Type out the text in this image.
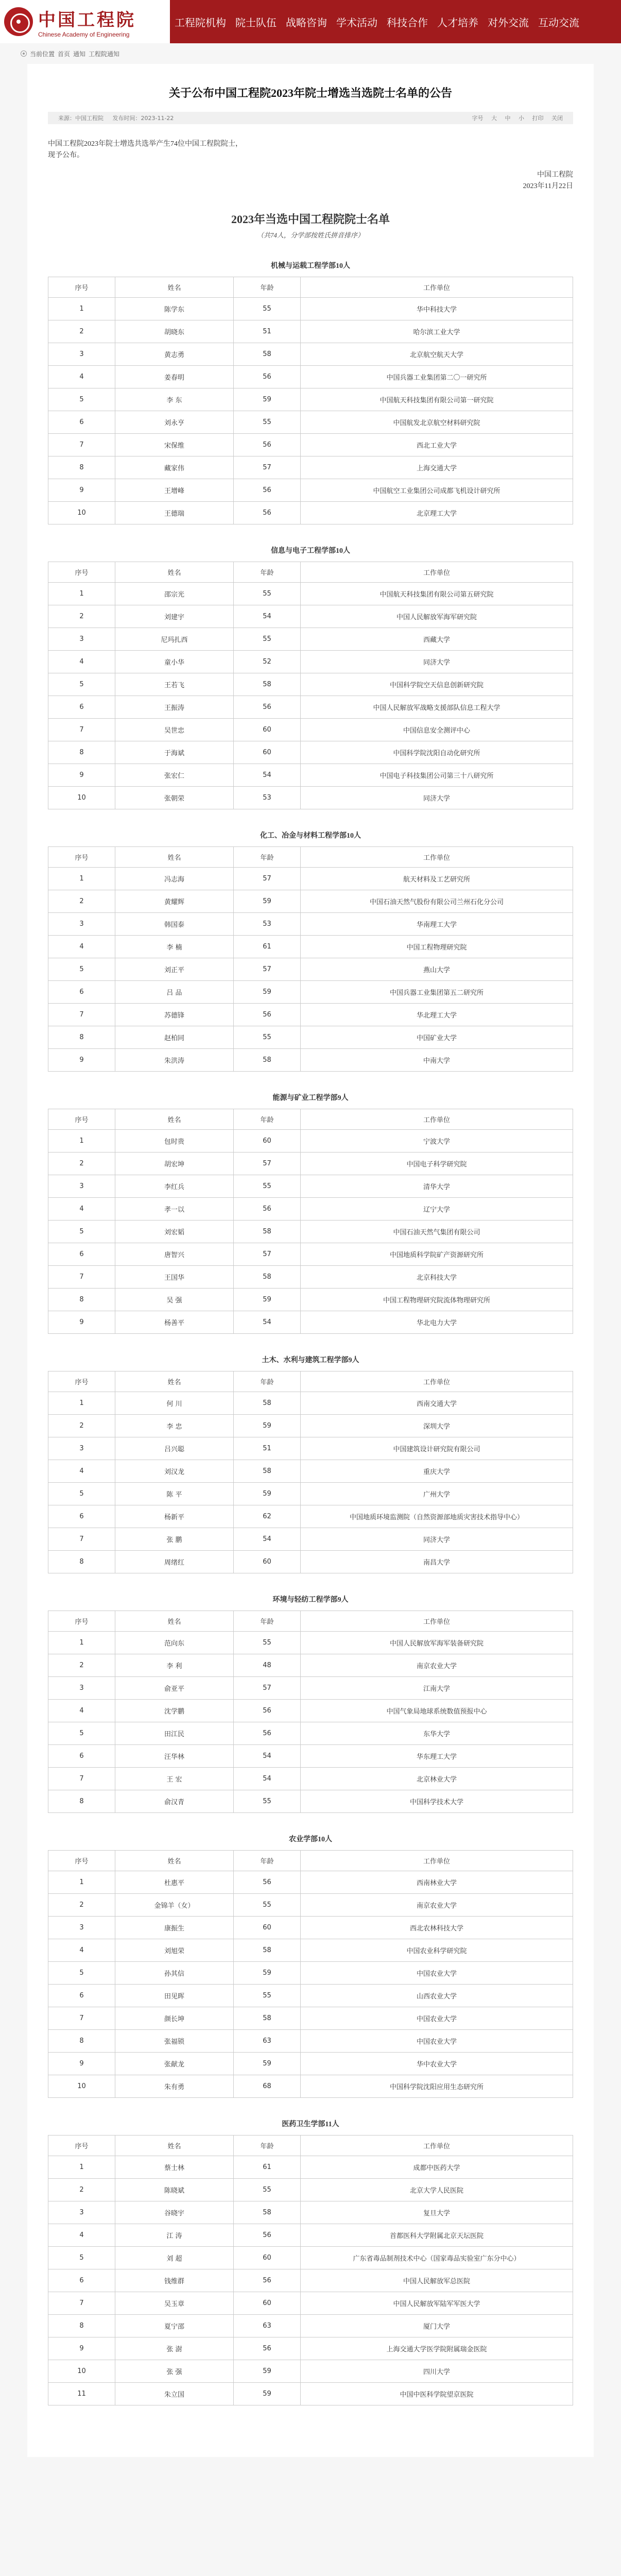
中国工程院
Chinese Academy of Engineering
工程院机构 院士队伍 战略咨询 学术活动 科技合作 人才培养 对外交流 互动交流
当前位置 首页 通知 工程院通知
关于公布中国工程院2023年院士增选当选院士名单的公告
来源：中国工程院 发布时间：2023-11-22	字号 大 中 小 打印 关闭

中国工程院2023年院士增选共选举产生74位中国工程院院士，

现予公布。

中国工程院
2023年11月22日
2023年当选中国工程院院士名单
（共74人，分学部按姓氏拼音排序）
机械与运载工程学部10人
序号	姓名	年龄	工作单位
1	陈学东	55	华中科技大学
2	胡晓东	51	哈尔滨工业大学
3	黄志勇	58	北京航空航天大学
4	姜春明	56	中国兵器工业集团第二〇一研究所
5	李 东	59	中国航天科技集团有限公司第一研究院
6	刘永亨	55	中国航发北京航空材料研究院
7	宋保维	56	西北工业大学
8	藏家伟	57	上海交通大学
9	王增峰	56	中国航空工业集团公司成都飞机设计研究所
10	王德瑞	56	北京理工大学
信息与电子工程学部10人
序号	姓名	年龄	工作单位
1	邵宗光	55	中国航天科技集团有限公司第五研究院
2	刘建宇	54	中国人民解放军海军研究院
3	尼玛扎西	55	西藏大学
4	童小华	52	同济大学
5	王若飞	58	中国科学院空天信息创新研究院
6	王振涛	56	中国人民解放军战略支援部队信息工程大学
7	吴世忠	60	中国信息安全测评中心
8	于海斌	60	中国科学院沈阳自动化研究所
9	张宏仁	54	中国电子科技集团公司第三十八研究所
10	张朝荣	53	同济大学
化工、冶金与材料工程学部10人
序号	姓名	年龄	工作单位
1	冯志海	57	航天材料及工艺研究所
2	黄耀辉	59	中国石油天然气股份有限公司兰州石化分公司
3	韩国泰	53	华南理工大学
4	李 楠	61	中国工程物理研究院
5	刘正平	57	燕山大学
6	吕 品	59	中国兵器工业集团第五二研究所
7	苏德锋	56	华北理工大学
8	赵柏同	55	中国矿业大学
9	朱洪涛	58	中南大学
能源与矿业工程学部9人
序号	姓名	年龄	工作单位
1	包时贵	60	宁波大学
2	胡宏坤	57	中国电子科学研究院
3	李红兵	55	清华大学
4	孝一以	56	辽宁大学
5	刘宏韬	58	中国石油天然气集团有限公司
6	唐智兴	57	中国地质科学院矿产资源研究所
7	王国华	58	北京科技大学
8	吴 强	59	中国工程物理研究院流体物理研究所
9	杨善平	54	华北电力大学
土木、水利与建筑工程学部9人
序号	姓名	年龄	工作单位
1	何 川	58	西南交通大学
2	李 忠	59	深圳大学
3	吕兴聪	51	中国建筑设计研究院有限公司
4	刘汉龙	58	重庆大学
5	陈 平	59	广州大学
6	杨新平	62	中国地质环境监测院（自然资源部地质灾害技术指导中心）
7	张 鹏	54	同济大学
8	周绪红	60	南昌大学
环境与轻纺工程学部9人
序号	姓名	年龄	工作单位
1	范向东	55	中国人民解放军海军装备研究院
2	李 利	48	南京农业大学
3	俞亚平	57	江南大学
4	沈学鹏	56	中国气象局地球系统数值预报中心
5	田江民	56	东华大学
6	汪华林	54	华东理工大学
7	王 宏	54	北京林业大学
8	俞汉青	55	中国科学技术大学
农业学部10人
序号	姓名	年龄	工作单位
1	杜惠平	56	西南林业大学
2	金锦羊（女）	55	南京农业大学
3	康振生	60	西北农林科技大学
4	刘旭荣	58	中国农业科学研究院
5	孙其信	59	中国农业大学
6	田见晖	55	山西农业大学
7	颜长坤	58	中国农业大学
8	张福锁	63	中国农业大学
9	张献龙	59	华中农业大学
10	朱有勇	68	中国科学院沈阳应用生态研究所
医药卫生学部11人
序号	姓名	年龄	工作单位
1	蔡士林	61	成都中医药大学
2	陈晓斌	55	北京大学人民医院
3	谷晓宇	58	复旦大学
4	江 涛	56	首都医科大学附属北京天坛医院
5	刘 超	60	广东省毒品制剂技术中心（国家毒品实验室广东分中心）
6	钱维群	56	中国人民解放军总医院
7	吴玉章	60	中国人民解放军陆军军医大学
8	夏宁邵	63	厦门大学
9	张 澍	56	上海交通大学医学院附属瑞金医院
10	张 强	59	四川大学
11	朱立国	59	中国中医科学院望京医院
